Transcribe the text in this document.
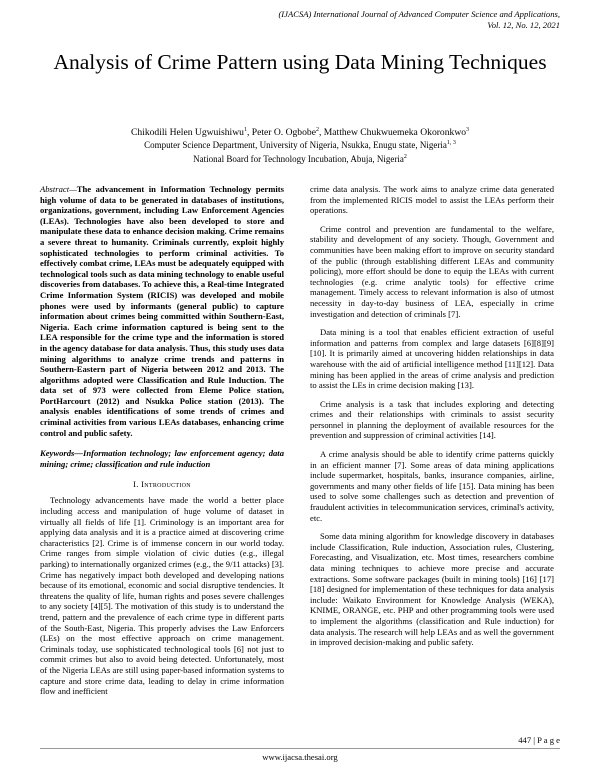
(IJACSA) International Journal of Advanced Computer Science and Applications,
Vol. 12, No. 12, 2021
Analysis of Crime Pattern using Data Mining Techniques
Chikodili Helen Ugwuishiwu$^1$, Peter O. Ogbobe$^2$, Matthew Chukwuemeka Okoronkwo$^3$
Computer Science Department, University of Nigeria, Nsukka, Enugu state, Nigeria$^{1, 3}$
National Board for Technology Incubation, Abuja, Nigeria$^2$

Abstract—The advancement in Information Technology permits high volume of data to be generated in databases of institutions, organizations, government, including Law Enforcement Agencies (LEAs). Technologies have also been developed to store and manipulate these data to enhance decision making. Crime remains a severe threat to humanity. Criminals currently, exploit highly sophisticated technologies to perform criminal activities. To effectively combat crime, LEAs must be adequately equipped with technological tools such as data mining technology to enable useful discoveries from databases. To achieve this, a Real-time Integrated Crime Information System (RICIS) was developed and mobile phones were used by informants (general public) to capture information about crimes being committed within Southern-East, Nigeria. Each crime information captured is being sent to the LEA responsible for the crime type and the information is stored in the agency database for data analysis. Thus, this study uses data mining algorithms to analyze crime trends and patterns in Southern-Eastern part of Nigeria between 2012 and 2013. The algorithms adopted were Classification and Rule Induction. The data set of 973 were collected from Eleme Police station, PortHarcourt (2012) and Nsukka Police station (2013). The analysis enables identifications of some trends of crimes and criminal activities from various LEAs databases, enhancing crime control and public safety.

Keywords—Information technology; law enforcement agency; data mining; crime; classification and rule induction

I. Introduction

Technology advancements have made the world a better place including access and manipulation of huge volume of dataset in virtually all fields of life [1]. Criminology is an important area for applying data analysis and it is a practice aimed at discovering crime characteristics [2]. Crime is of immense concern in our world today. Crime ranges from simple violation of civic duties (e.g., illegal parking) to internationally organized crimes (e.g., the 9/11 attacks) [3]. Crime has negatively impact both developed and developing nations because of its emotional, economic and social disruptive tendencies. It threatens the quality of life, human rights and poses severe challenges to any society [4][5]. The motivation of this study is to understand the trend, pattern and the prevalence of each crime type in different parts of the South-East, Nigeria. This properly advises the Law Enforcers (LEs) on the most effective approach on crime management. Criminals today, use sophisticated technological tools [6] not just to commit crimes but also to avoid being detected. Unfortunately, most of the Nigeria LEAs are still using paper-based information systems to capture and store crime data, leading to delay in crime information flow and inefficient

crime data analysis. The work aims to analyze crime data generated from the implemented RICIS model to assist the LEAs perform their operations.

Crime control and prevention are fundamental to the welfare, stability and development of any society. Though, Government and communities have been making effort to improve on security standard of the public (through establishing different LEAs and community policing), more effort should be done to equip the LEAs with current technologies (e.g. crime analytic tools) for effective crime management. Timely access to relevant information is also of utmost necessity in day-to-day business of LEA, especially in crime investigation and detection of criminals [7].

Data mining is a tool that enables efficient extraction of useful information and patterns from complex and large datasets [6][8][9][10]. It is primarily aimed at uncovering hidden relationships in data warehouse with the aid of artificial intelligence method [11][12]. Data mining has been applied in the areas of crime analysis and prediction to assist the LEs in crime decision making [13].

Crime analysis is a task that includes exploring and detecting crimes and their relationships with criminals to assist security personnel in planning the deployment of available resources for the prevention and suppression of criminal activities [14].

A crime analysis should be able to identify crime patterns quickly in an efficient manner [7]. Some areas of data mining applications include supermarket, hospitals, banks, insurance companies, airline, governments and many other fields of life [15]. Data mining has been used to solve some challenges such as detection and prevention of fraudulent activities in telecommunication services, criminal's activity, etc.

Some data mining algorithm for knowledge discovery in databases include Classification, Rule induction, Association rules, Clustering, Forecasting, and Visualization, etc. Most times, researchers combine data mining techniques to achieve more precise and accurate extractions. Some software packages (built in mining tools) [16] [17] [18] designed for implementation of these techniques for data analysis include: Waikato Environment for Knowledge Analysis (WEKA), KNIME, ORANGE, etc. PHP and other programming tools were used to implement the algorithms (classification and Rule induction) for data analysis. The research will help LEAs and as well the government in improved decision-making and public safety.

447 | P a g e
www.ijacsa.thesai.org
